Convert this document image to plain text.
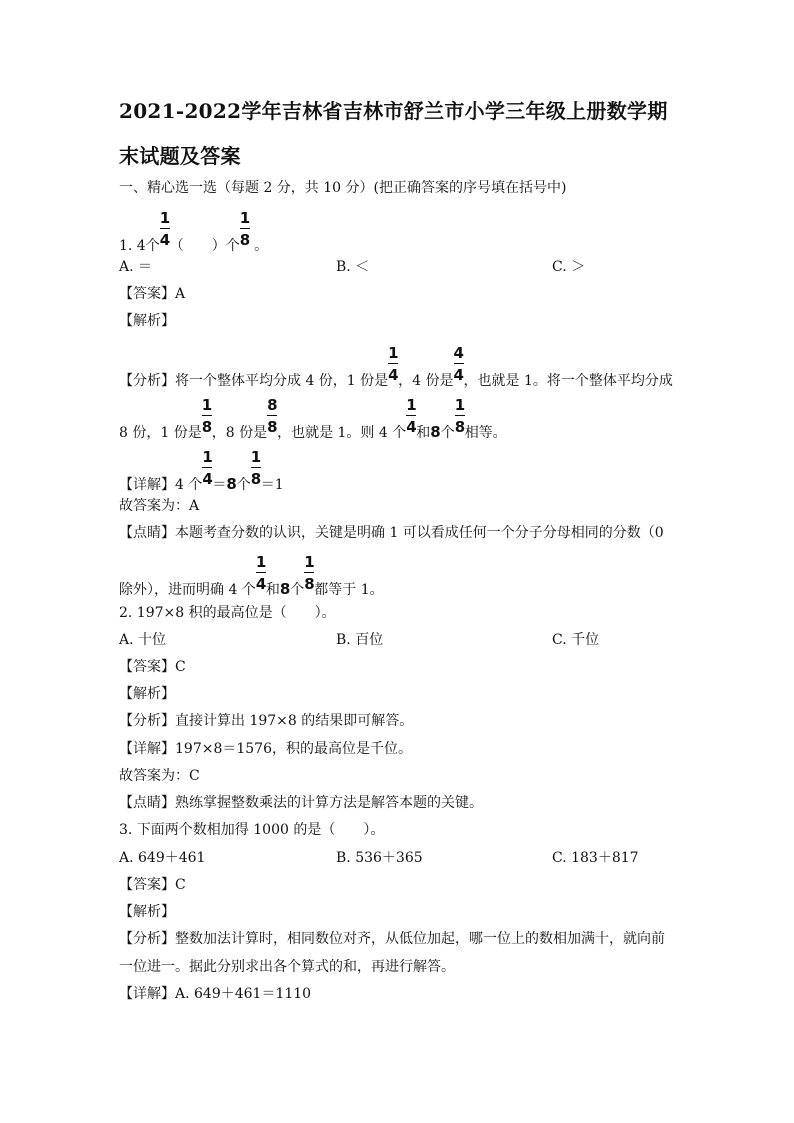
2021-2022学年吉林省吉林市舒兰市小学三年级上册数学期
末试题及答案
一、精心选一选（每题 2 分，共 10 分）(把正确答案的序号填在括号中)
1. 4个 $\frac{1}{4}$ （　　）个 $\frac{1}{8}$ 。
A. ＝	B. ＜	C. ＞
【答案】A
【解析】
【分析】将一个整体平均分成 4 份，1 份是 $\frac{1}{4}$ ，4 份是 $\frac{4}{4}$ ，也就是 1。将一个整体平均分成
8 份，1 份是 $\frac{1}{8}$ ，8 份是 $\frac{8}{8}$ ，也就是 1。则 4 个 $\frac{1}{4}$ 和8个 $\frac{1}{8}$ 相等。
【详解】4 个 $\frac{1}{4} =8$个 $\frac{1}{8} =1$
故答案为：A
【点睛】本题考查分数的认识，关键是明确 1 可以看成任何一个分子分母相同的分数（0
除外），进而明确 4 个 $\frac{1}{4}$ 和8个 $\frac{1}{8}$ 都等于 1。
2. 197×8 积的最高位是（　　）。
A. 十位	B. 百位	C. 千位
【答案】C
【解析】
【分析】直接计算出 197×8 的结果即可解答。
【详解】197×8＝1576，积的最高位是千位。
故答案为：C
【点睛】熟练掌握整数乘法的计算方法是解答本题的关键。
3. 下面两个数相加得 1000 的是（　　）。
A. 649＋461	B. 536＋365	C. 183＋817
【答案】C
【解析】
【分析】整数加法计算时，相同数位对齐，从低位加起，哪一位上的数相加满十，就向前
一位进一。据此分别求出各个算式的和，再进行解答。
【详解】A. 649＋461＝1110
